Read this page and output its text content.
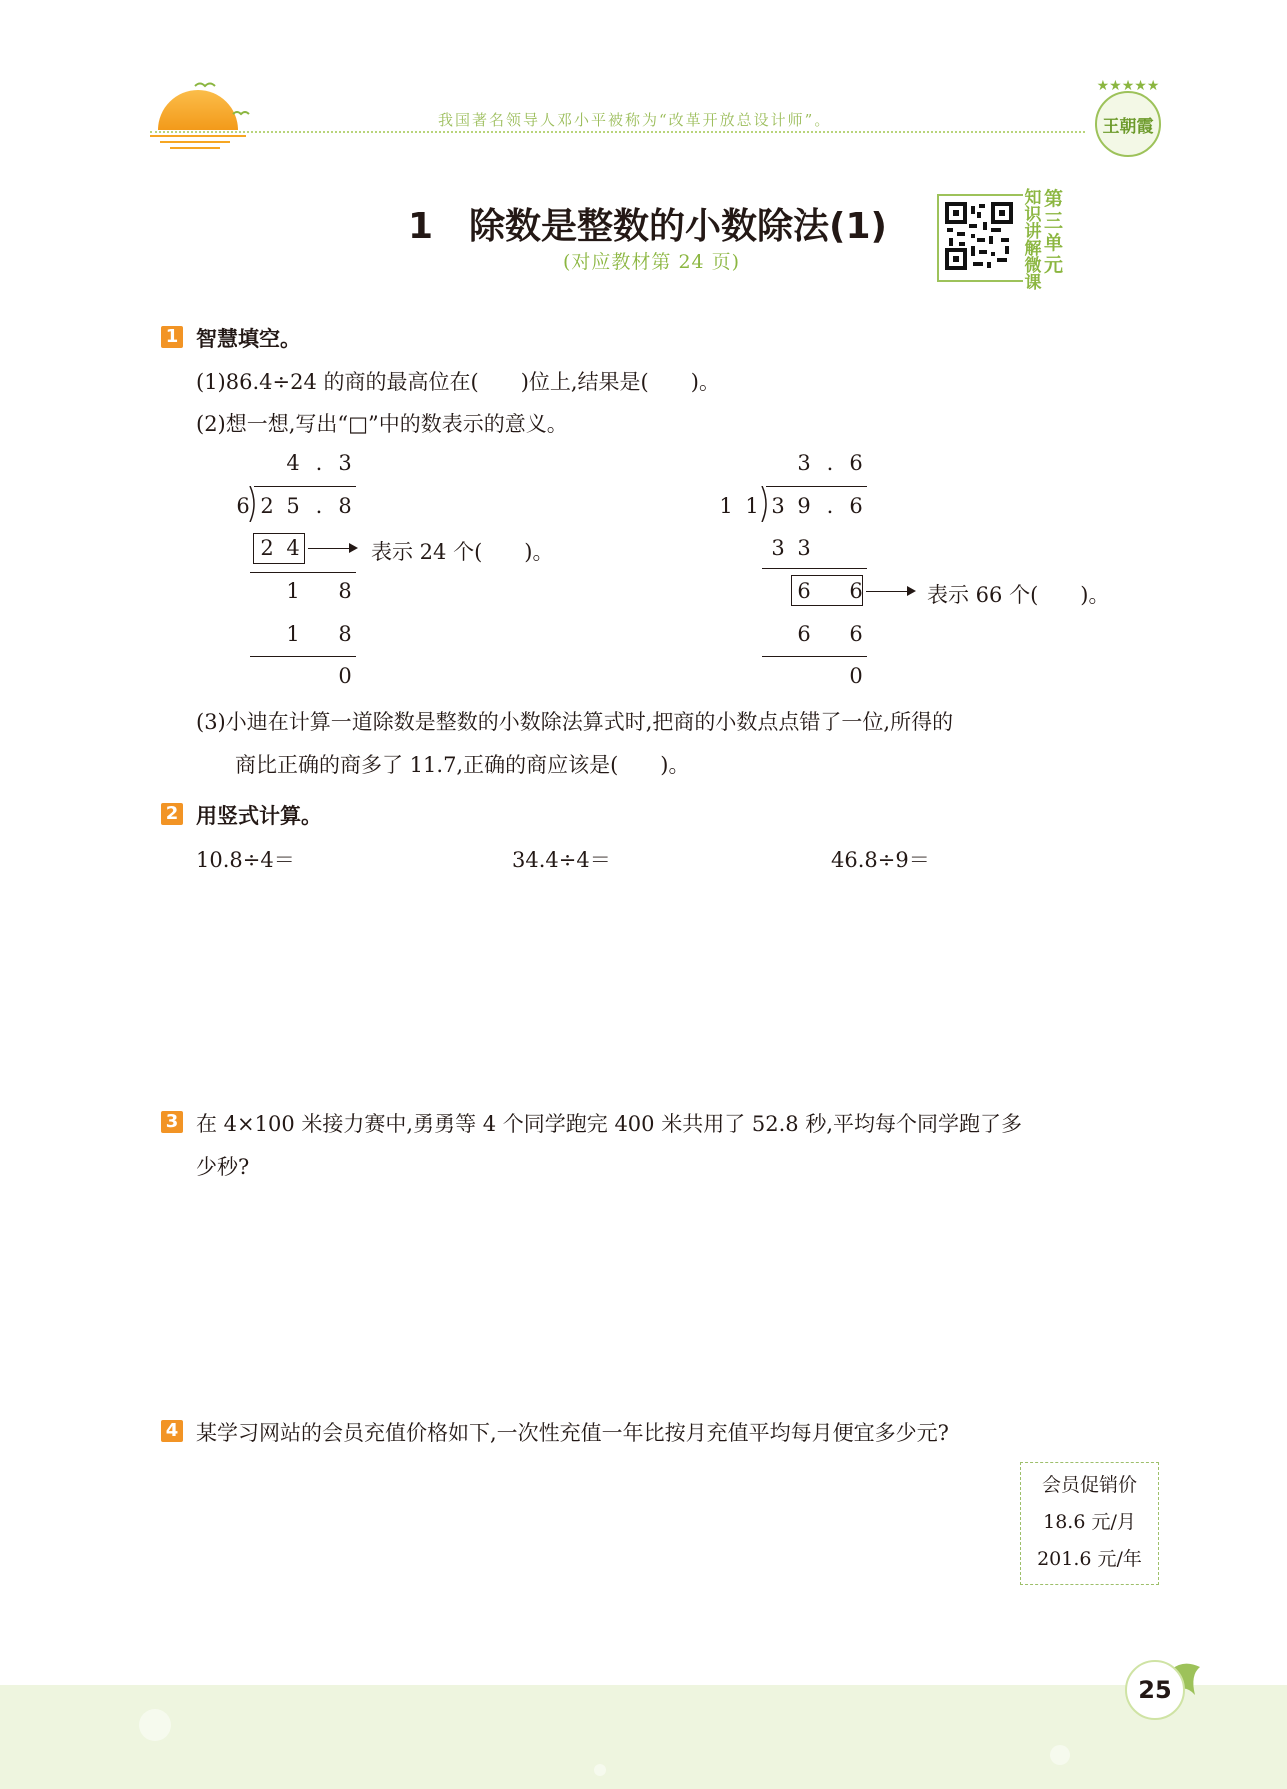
我国著名领导人邓小平被称为“改革开放总设计师”。
★★★★★
王朝霞
1　除数是整数的小数除法(1)
(对应教材第 24 页)
知
识
讲
解
微
课
第
三
单
元
1 智慧填空。
(1)86.4÷24 的商的最高位在(　　)位上,结果是(　　)。
(2)想一想,写出“□”中的数表示的意义。
4 . 3
6 2 5 . 8
2 4	表示 24 个(　　)。
1	8
1	8
0
3 . 6
1 1 3 9 . 6
3 3
6	6	表示 66 个(　　)。
6	6
0
(3)小迪在计算一道除数是整数的小数除法算式时,把商的小数点点错了一位,所得的
商比正确的商多了 11.7,正确的商应该是(　　)。
2 用竖式计算。
10.8÷4＝	34.4÷4＝	46.8÷9＝
3 在 4×100 米接力赛中,勇勇等 4 个同学跑完 400 米共用了 52.8 秒,平均每个同学跑了多
少秒?
4 某学习网站的会员充值价格如下,一次性充值一年比按月充值平均每月便宜多少元?
会员促销价
18.6 元/月
201.6 元/年
25
